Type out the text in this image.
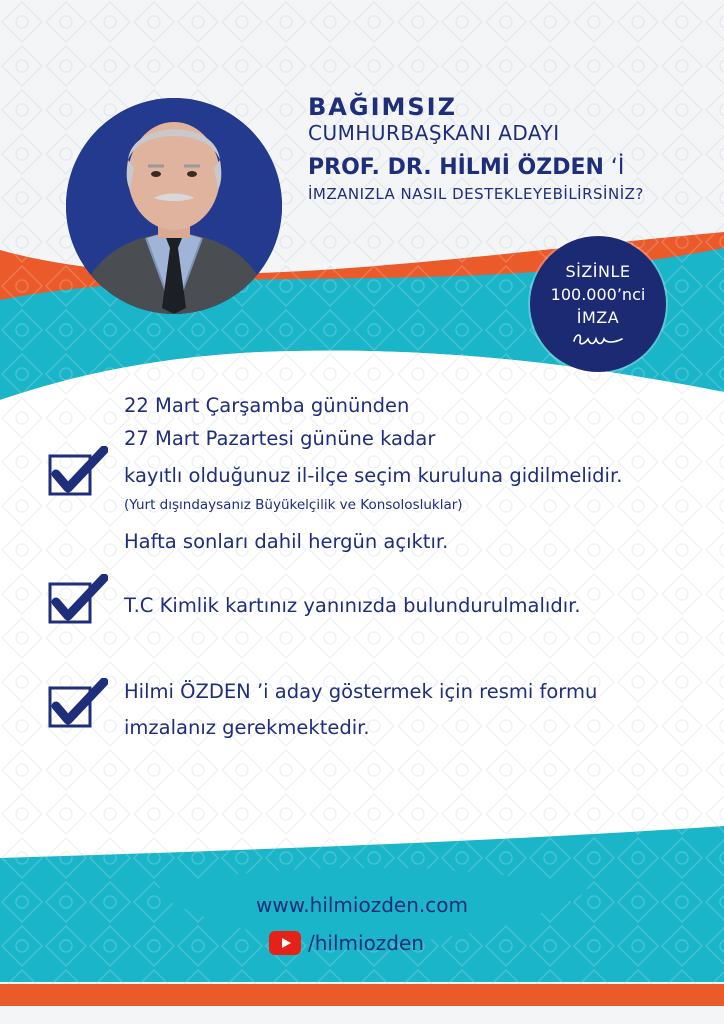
BAĞIMSIZ
CUMHURBAŞKANI ADAYI
PROF. DR. HİLMİ ÖZDEN ‘İ
İMZANIZLA NASIL DESTEKLEYEBİLİRSİNİZ?
SİZİNLE
100.000’nci
İMZA
22 Mart Çarşamba gününden
27 Mart Pazartesi gününe kadar
kayıtlı olduğunuz il-ilçe seçim kuruluna gidilmelidir.
(Yurt dışındaysanız Büyükelçilik ve Konsolosluklar)
Hafta sonları dahil hergün açıktır.
T.C Kimlik kartınız yanınızda bulundurulmalıdır.
Hilmi ÖZDEN ’i aday göstermek için resmi formu
imzalanız gerekmektedir.
www.hilmiozden.com
/hilmiozden
